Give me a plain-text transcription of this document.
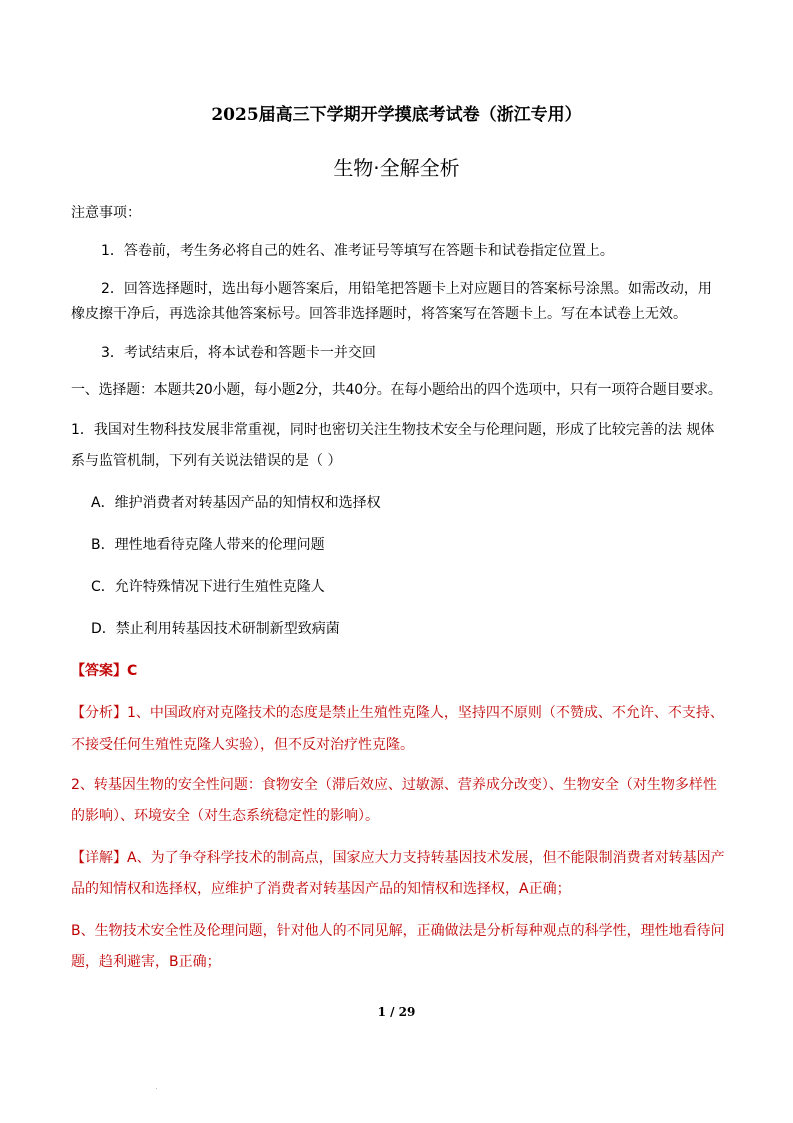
2025届高三下学期开学摸底考试卷（浙江专用）
生物·全解全析
注意事项：
1．答卷前，考生务必将自己的姓名、准考证号等填写在答题卡和试卷指定位置上。
2．回答选择题时，选出每小题答案后，用铅笔把答题卡上对应题目的答案标号涂黑。如需改动，用
橡皮擦干净后，再选涂其他答案标号。回答非选择题时，将答案写在答题卡上。写在本试卷上无效。
3．考试结束后，将本试卷和答题卡一并交回
一、选择题：本题共20小题，每小题2分，共40分。在每小题给出的四个选项中，只有一项符合题目要求。
1．我国对生物科技发展非常重视，同时也密切关注生物技术安全与伦理问题，形成了比较完善的法 规体
系与监管机制，下列有关说法错误的是（ ）
A．维护消费者对转基因产品的知情权和选择权
B．理性地看待克隆人带来的伦理问题
C．允许特殊情况下进行生殖性克隆人
D．禁止利用转基因技术研制新型致病菌
【答案】C
【分析】1、中国政府对克隆技术的态度是禁止生殖性克隆人，坚持四不原则（不赞成、不允许、不支持、
不接受任何生殖性克隆人实验），但不反对治疗性克隆。
2、转基因生物的安全性问题：食物安全（滞后效应、过敏源、营养成分改变）、生物安全（对生物多样性
的影响）、环境安全（对生态系统稳定性的影响）。
【详解】A、为了争夺科学技术的制高点，国家应大力支持转基因技术发展，但不能限制消费者对转基因产
品的知情权和选择权，应维护了消费者对转基因产品的知情权和选择权，A正确；
B、生物技术安全性及伦理问题，针对他人的不同见解，正确做法是分析每种观点的科学性，理性地看待问
题，趋利避害，B正确；
1 / 29
